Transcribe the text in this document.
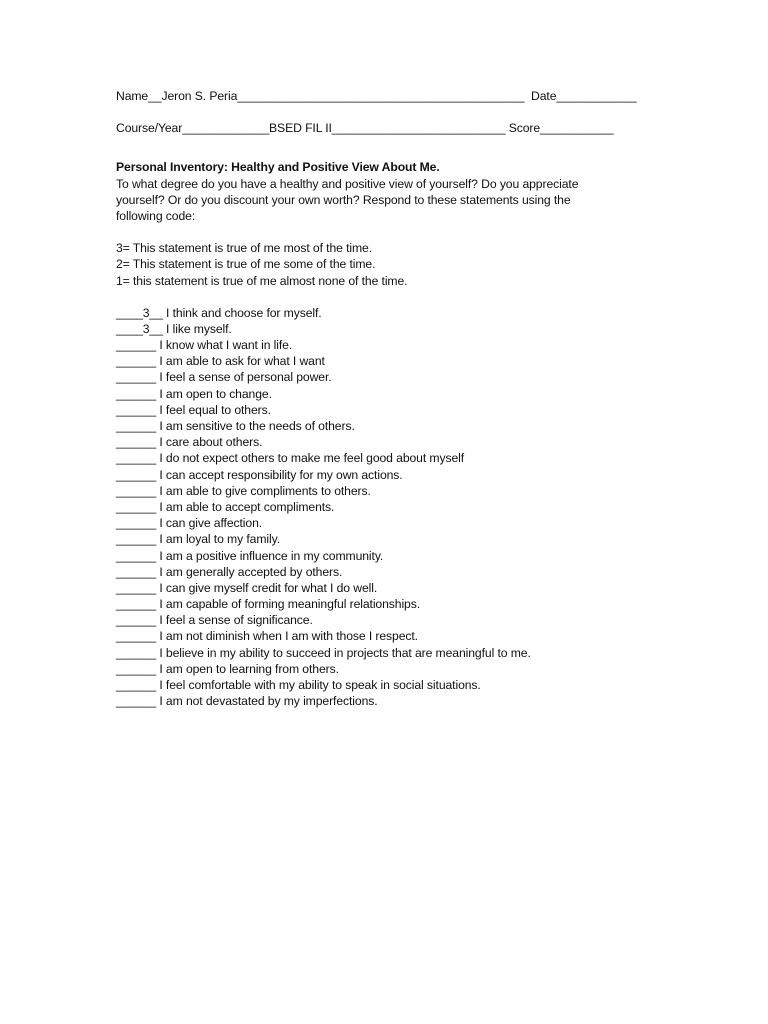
Name__Jeron S. Peria___________________________________________  Date____________
Course/Year_____________BSED FIL II__________________________ Score___________
Personal Inventory: Healthy and Positive View About Me.
To what degree do you have a healthy and positive view of yourself? Do you appreciate
yourself? Or do you discount your own worth? Respond to these statements using the
following code:
3= This statement is true of me most of the time.
2= This statement is true of me some of the time.
1= this statement is true of me almost none of the time.
____3__ I think and choose for myself.
____3__ I like myself.
______ I know what I want in life.
______ I am able to ask for what I want
______ I feel a sense of personal power.
______ I am open to change.
______ I feel equal to others.
______ I am sensitive to the needs of others.
______ I care about others.
______ I do not expect others to make me feel good about myself
______ I can accept responsibility for my own actions.
______ I am able to give compliments to others.
______ I am able to accept compliments.
______ I can give affection.
______ I am loyal to my family.
______ I am a positive influence in my community.
______ I am generally accepted by others.
______ I can give myself credit for what I do well.
______ I am capable of forming meaningful relationships.
______ I feel a sense of significance.
______ I am not diminish when I am with those I respect.
______ I believe in my ability to succeed in projects that are meaningful to me.
______ I am open to learning from others.
______ I feel comfortable with my ability to speak in social situations.
______ I am not devastated by my imperfections.
